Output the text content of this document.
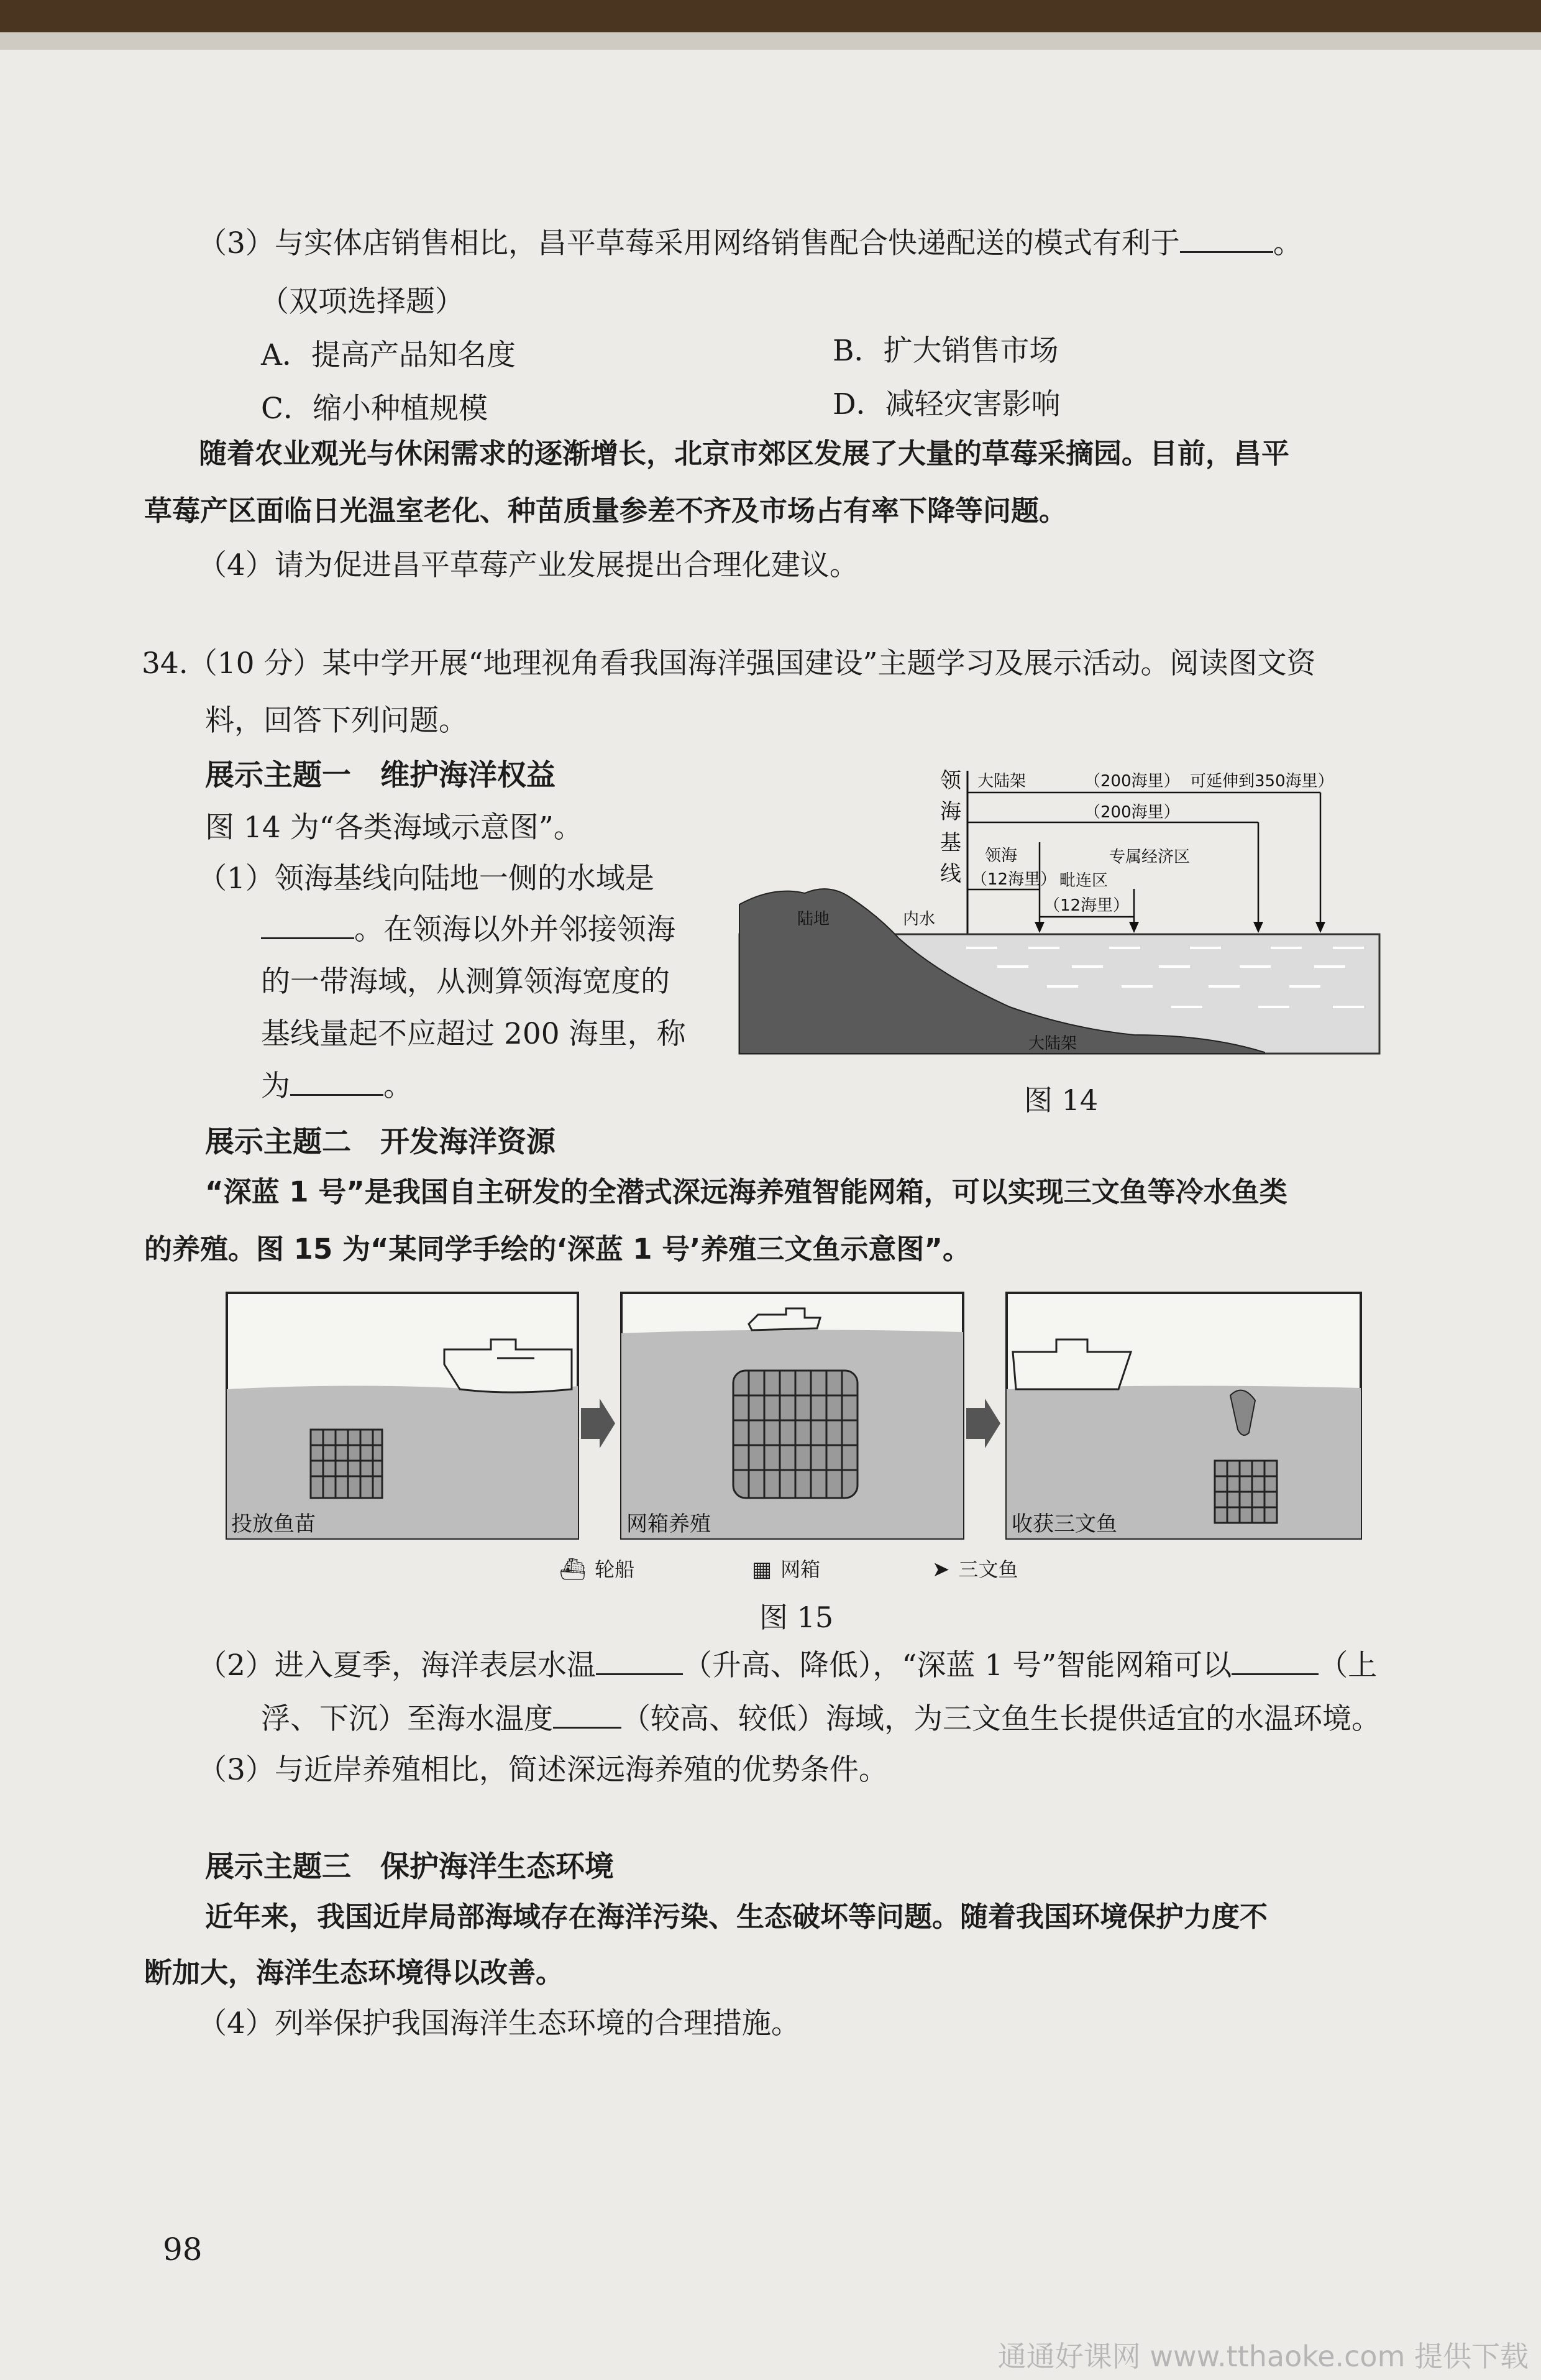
（3）与实体店销售相比，昌平草莓采用网络销售配合快递配送的模式有利于	。
（双项选择题）
A．提高产品知名度	B．扩大销售市场
C．缩小种植规模	D．减轻灾害影响
随着农业观光与休闲需求的逐渐增长，北京市郊区发展了大量的草莓采摘园。目前，昌平
草莓产区面临日光温室老化、种苗质量参差不齐及市场占有率下降等问题。
（4）请为促进昌平草莓产业发展提出合理化建议。
34.（10 分）某中学开展“地理视角看我国海洋强国建设”主题学习及展示活动。阅读图文资
料，回答下列问题。
展示主题一　维护海洋权益
图 14 为“各类海域示意图”。
（1）领海基线向陆地一侧的水域是
。在领海以外并邻接领海
的一带海域，从测算领海宽度的
基线量起不应超过 200 海里，称
为	。
领
海
基
线
大陆架	（200海里） 可延伸到350海里）
（200海里）
专属经济区
领海
（12海里） 毗连区
（12海里）
陆地	内水
大陆架
图 14
展示主题二　开发海洋资源
“深蓝 1 号”是我国自主研发的全潜式深远海养殖智能网箱，可以实现三文鱼等冷水鱼类
的养殖。图 15 为“某同学手绘的‘深蓝 1 号’养殖三文鱼示意图”。
投放鱼苗	网箱养殖	收获三文鱼
⛴ 轮船	▦ 网箱	➤ 三文鱼
图 15
（2）进入夏季，海洋表层水温	（升高、降低），“深蓝 1 号”智能网箱可以	（上
浮、下沉）至海水温度 （较高、较低）海域，为三文鱼生长提供适宜的水温环境。
（3）与近岸养殖相比，简述深远海养殖的优势条件。
展示主题三　保护海洋生态环境
近年来，我国近岸局部海域存在海洋污染、生态破坏等问题。随着我国环境保护力度不
断加大，海洋生态环境得以改善。
（4）列举保护我国海洋生态环境的合理措施。
98
通通好课网 www.tthaoke.com 提供下载
